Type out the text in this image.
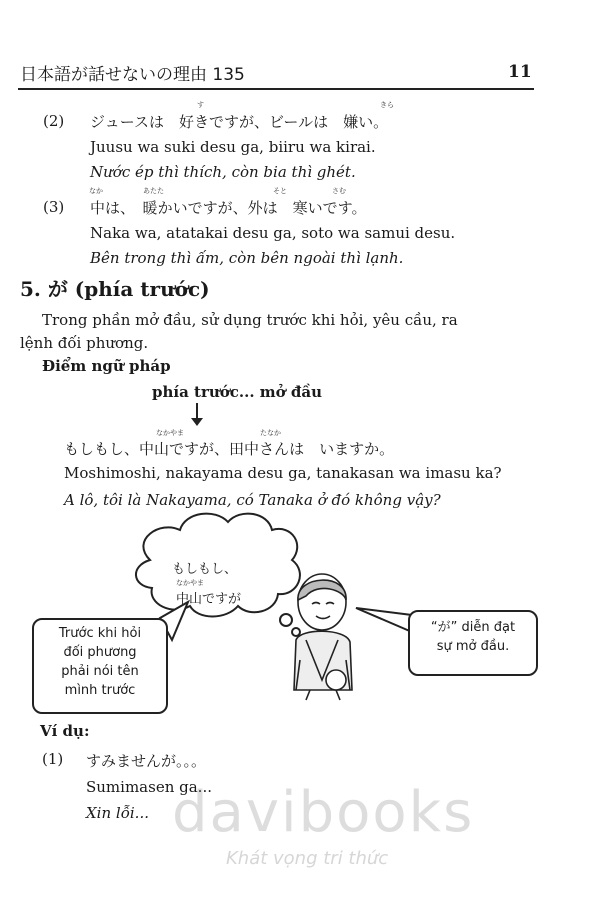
日本語が話せないの理由 135	11
(2)
す	きら
ジュースは　好きですが、ビールは　嫌い。
Juusu wa suki desu ga, biiru wa kirai.
Nước ép thì thích, còn bia thì ghét.
(3)
なか	あたた	そと	さむ
中は、　 暖かいですが、外は　 寒いです。
Naka wa, atatakai desu ga, soto wa samui desu.
Bên trong thì ấm, còn bên ngoài thì lạnh.
5. が (phía trước)
Trong phần mở đầu, sử dụng trước khi hỏi, yêu cầu, ra
lệnh đối phương.
Điểm ngữ pháp
phía trước... mở đầu
なかやま	たなか
もしもし、中山ですが、田中さんは　いますか。
Moshimoshi, nakayama desu ga, tanakasan wa imasu ka?
A lô, tôi là Nakayama, có Tanaka ở đó không vậy?
もしもし、
なかやま
中山ですが
Trước khi hỏi
đối phương
phải nói tên
mình trước
“が” diễn đạt
sự mở đầu.
Ví dụ:
(1) すみませんが。。。
Sumimasen ga...
Xin lỗi... davibooks
Khát vọng tri thức
